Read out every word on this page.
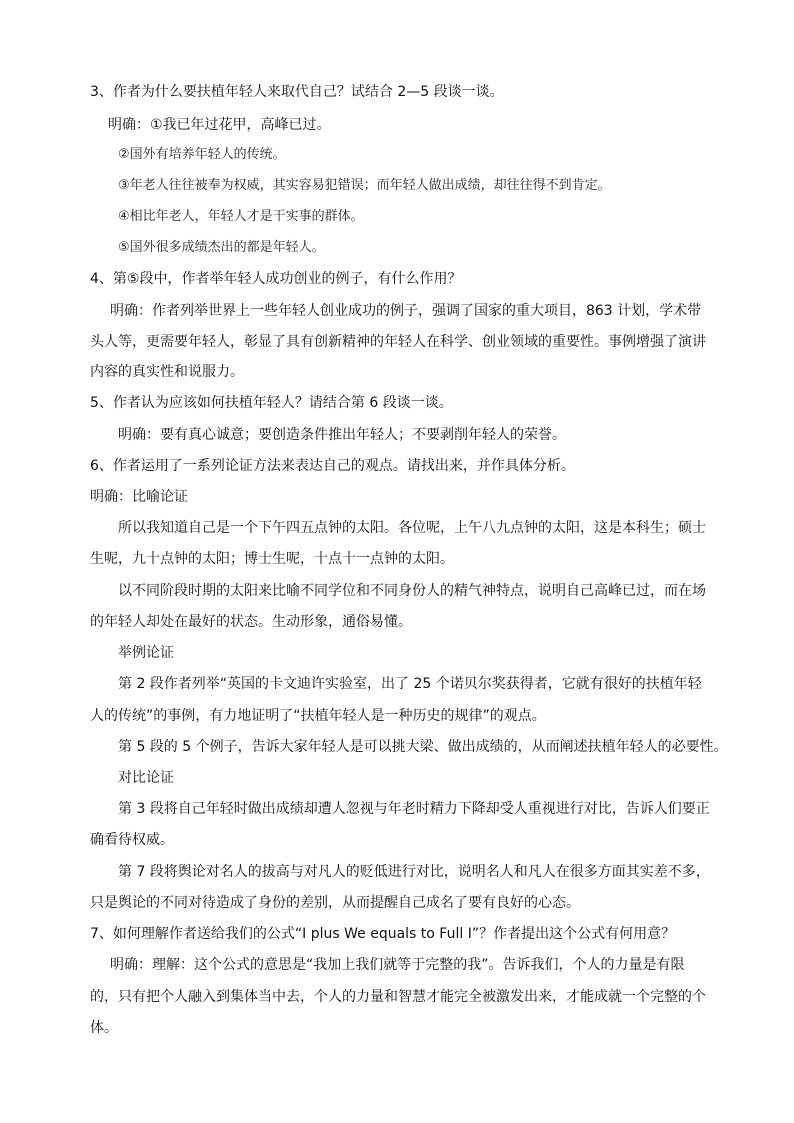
3、作者为什么要扶植年轻人来取代自己？试结合 2—5 段谈一谈。
明确：①我已年过花甲，高峰已过。
②国外有培养年轻人的传统。
③年老人往往被奉为权威，其实容易犯错误；而年轻人做出成绩，却往往得不到肯定。
④相比年老人，年轻人才是干实事的群体。
⑤国外很多成绩杰出的都是年轻人。
4、第⑤段中，作者举年轻人成功创业的例子，有什么作用？
明确：作者列举世界上一些年轻人创业成功的例子，强调了国家的重大项目，863 计划，学术带
头人等，更需要年轻人，彰显了具有创新精神的年轻人在科学、创业领域的重要性。事例增强了演讲
内容的真实性和说服力。
5、作者认为应该如何扶植年轻人？请结合第 6 段谈一谈。
明确：要有真心诚意；要创造条件推出年轻人；不要剥削年轻人的荣誉。
6、作者运用了一系列论证方法来表达自己的观点。请找出来，并作具体分析。
明确：比喻论证
所以我知道自己是一个下午四五点钟的太阳。各位呢，上午八九点钟的太阳，这是本科生；硕士
生呢，九十点钟的太阳；博士生呢，十点十一点钟的太阳。
以不同阶段时期的太阳来比喻不同学位和不同身份人的精气神特点，说明自己高峰已过，而在场
的年轻人却处在最好的状态。生动形象，通俗易懂。
举例论证
第 2 段作者列举“英国的卡文迪许实验室，出了 25 个诺贝尔奖获得者，它就有很好的扶植年轻
人的传统”的事例，有力地证明了“扶植年轻人是一种历史的规律”的观点。
第 5 段的 5 个例子，告诉大家年轻人是可以挑大梁、做出成绩的，从而阐述扶植年轻人的必要性。
对比论证
第 3 段将自己年轻时做出成绩却遭人忽视与年老时精力下降却受人重视进行对比，告诉人们要正
确看待权威。
第 7 段将舆论对名人的拔高与对凡人的贬低进行对比，说明名人和凡人在很多方面其实差不多，
只是舆论的不同对待造成了身份的差别，从而提醒自己成名了要有良好的心态。
7、如何理解作者送给我们的公式“I plus We equals to Full I”？作者提出这个公式有何用意？
明确：理解：这个公式的意思是“我加上我们就等于完整的我”。告诉我们，个人的力量是有限
的，只有把个人融入到集体当中去，个人的力量和智慧才能完全被激发出来，才能成就一个完整的个
体。
